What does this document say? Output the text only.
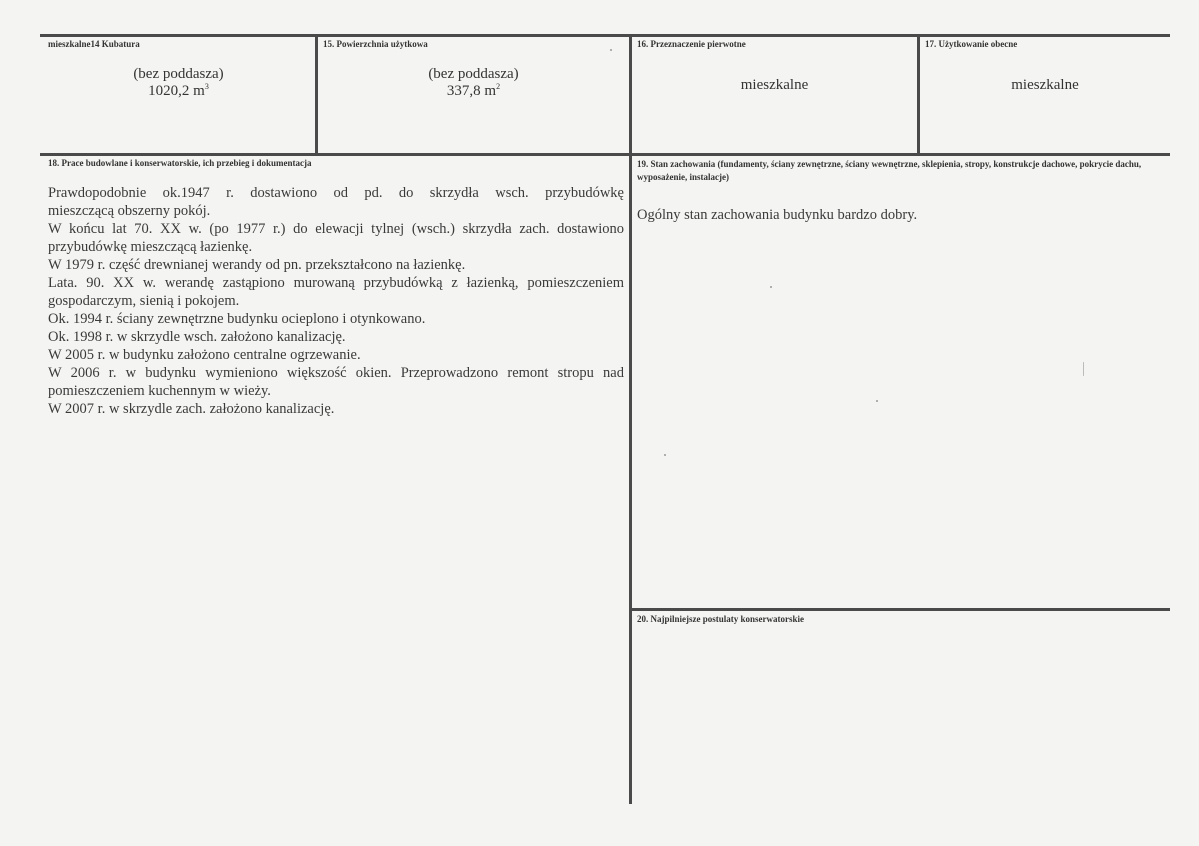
mieszkalne14 Kubatura
(bez poddasza)
1020,2 $m^3$
15. Powierzchnia użytkowa
(bez poddasza)
337,8 $m^2$
16. Przeznaczenie pierwotne
mieszkalne
17. Użytkowanie obecne
mieszkalne
18. Prace budowlane i konserwatorskie, ich przebieg i dokumentacja
Prawdopodobnie ok.1947 r. dostawiono od pd. do skrzydła wsch. przybudówkę
mieszczącą obszerny pokój.
W końcu lat 70. XX w. (po 1977 r.) do elewacji tylnej (wsch.) skrzydła zach. dostawiono
przybudówkę mieszczącą łazienkę.
W 1979 r. część drewnianej werandy od pn. przekształcono na łazienkę.
Lata. 90. XX w. werandę zastąpiono murowaną przybudówką z łazienką, pomieszczeniem
gospodarczym, sienią i pokojem.
Ok. 1994 r. ściany zewnętrzne budynku ocieplono i otynkowano.
Ok. 1998 r. w skrzydle wsch. założono kanalizację.
W 2005 r. w budynku założono centralne ogrzewanie.
W 2006 r. w budynku wymieniono większość okien. Przeprowadzono remont stropu nad
pomieszczeniem kuchennym w wieży.
W 2007 r. w skrzydle zach. założono kanalizację.
19. Stan zachowania (fundamenty, ściany zewnętrzne, ściany wewnętrzne, sklepienia, stropy, konstrukcje dachowe, pokrycie dachu, wyposażenie, instalacje)
Ogólny stan zachowania budynku bardzo dobry.
20. Najpilniejsze postulaty konserwatorskie
